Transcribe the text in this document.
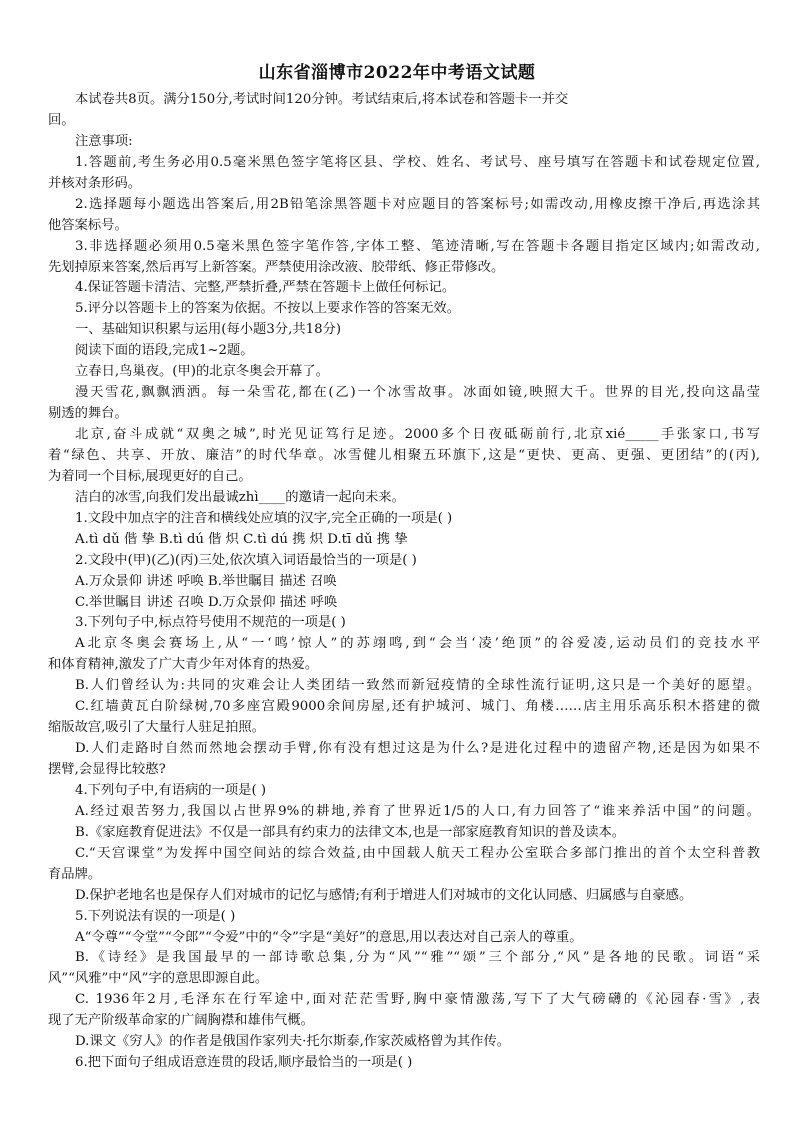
山东省淄博市2022年中考语文试题
本试卷共8页。满分150分,考试时间120分钟。考试结束后,将本试卷和答题卡一并交
回。
注意事项:
1.答题前,考生务必用0.5毫米黑色签字笔将区县、学校、姓名、考试号、座号填写在答题卡和试卷规定位置,
并核对条形码。
2.选择题每小题选出答案后,用2B铅笔涂黑答题卡对应题目的答案标号;如需改动,用橡皮擦干净后,再选涂其
他答案标号。
3.非选择题必须用0.5毫米黑色签字笔作答,字体工整、笔迹清晰,写在答题卡各题目指定区域内;如需改动,
先划掉原来答案,然后再写上新答案。严禁使用涂改液、胶带纸、修正带修改。
4.保证答题卡清洁、完整,严禁折叠,严禁在答题卡上做任何标记。
5.评分以答题卡上的答案为依据。不按以上要求作答的答案无效。
一、基础知识积累与运用(每小题3分,共18分)
阅读下面的语段,完成1~2题。
立春日,鸟巢夜。(甲)的北京冬奥会开幕了。
漫天雪花,飘飘洒洒。每一朵雪花,都在(乙)一个冰雪故事。冰面如镜,映照大千。世界的目光,投向这晶莹
剔透的舞台。
北京,奋斗成就“双奥之城”,时光见证笃行足迹。2000多个日夜砥砺前行,北京xié_____手张家口,书写
着“绿色、共享、开放、廉洁”的时代华章。冰雪健儿相聚五环旗下,这是“更快、更高、更强、更团结”的(丙),
为着同一个目标,展现更好的自己。
洁白的冰雪,向我们发出最诚zhì____的邀请一起向未来。
1.文段中加点字的注音和横线处应填的汉字,完全正确的一项是( )
A.tì dǔ 偕 挚 B.tì dú 偕 炽 C.tì dú 携 炽 D.tī dǔ 携 挚
2.文段中(甲)(乙)(丙)三处,依次填入词语最恰当的一项是( )
A.万众景仰 讲述 呼唤 B.举世瞩目 描述 召唤
C.举世瞩目 讲述 召唤 D.万众景仰 描述 呼唤
3.下列句子中,标点符号使用不规范的一项是( )
A北京冬奥会赛场上,从“一‘鸣’惊人”的苏翊鸣,到“会当‘凌’绝顶”的谷爱凌,运动员们的竞技水平
和体育精神,激发了广大青少年对体育的热爱。
B.人们曾经认为:共同的灾难会让人类团结一致然而新冠疫情的全球性流行证明,这只是一个美好的愿望。
C.红墙黄瓦白阶绿树,70多座宫殿9000余间房屋,还有护城河、城门、角楼……店主用乐高乐积木搭建的微
缩版故宫,吸引了大量行人驻足拍照。
D.人们走路时自然而然地会摆动手臂,你有没有想过这是为什么?是进化过程中的遗留产物,还是因为如果不
摆臂,会显得比较憨?
4.下列句子中,有语病的一项是( )
A.经过艰苦努力,我国以占世界9%的耕地,养育了世界近1/5的人口,有力回答了“谁来养活中国”的问题。
B.《家庭教育促进法》不仅是一部具有约束力的法律文本,也是一部家庭教育知识的普及读本。
C.“天宫课堂”为发挥中国空间站的综合效益,由中国载人航天工程办公室联合多部门推出的首个太空科普教
育品牌。
D.保护老地名也是保存人们对城市的记忆与感情;有利于增进人们对城市的文化认同感、归属感与自豪感。
5.下列说法有误的一项是( )
A“令尊”“令堂”“令郎”“令爱”中的“令”字是“美好”的意思,用以表达对自己亲人的尊重。
B.《诗经》是我国最早的一部诗歌总集,分为“风”“雅”“颂”三个部分,“风”是各地的民歌。词语“采
风”“风雅”中“风”字的意思即源自此。
C. 1936年2月,毛泽东在行军途中,面对茫茫雪野,胸中豪情激荡,写下了大气磅礴的《沁园春·雪》,表
现了无产阶级革命家的广阔胸襟和雄伟气概。
D.课文《穷人》的作者是俄国作家列夫·托尔斯泰,作家茨威格曾为其作传。
6.把下面句子组成语意连贯的段话,顺序最恰当的一项是( )
